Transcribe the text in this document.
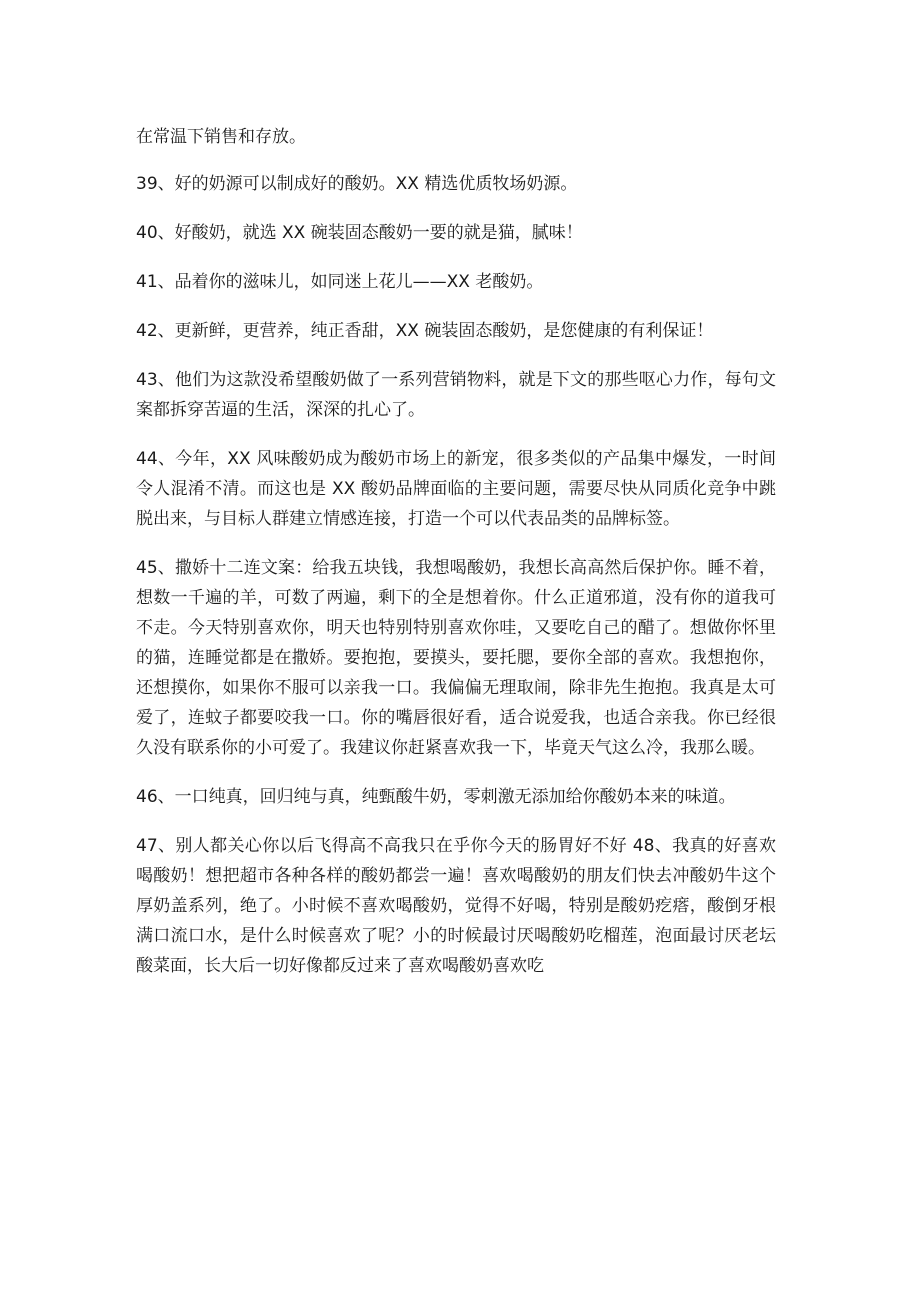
在常温下销售和存放。

39、好的奶源可以制成好的酸奶。XX 精选优质牧场奶源。

40、好酸奶，就选 XX 碗装固态酸奶一要的就是猫，腻味！

41、品着你的滋味儿，如同迷上花儿——XX 老酸奶。

42、更新鲜，更营养，纯正香甜，XX 碗装固态酸奶，是您健康的有利保证！

43、他们为这款没希望酸奶做了一系列营销物料，就是下文的那些呕心力作，每句文案都拆穿苦逼的生活，深深的扎心了。

44、今年，XX 风味酸奶成为酸奶市场上的新宠，很多类似的产品集中爆发，一时间令人混淆不清。而这也是 XX 酸奶品牌面临的主要问题，需要尽快从同质化竞争中跳脱出来，与目标人群建立情感连接，打造一个可以代表品类的品牌标签。

45、撒娇十二连文案：给我五块钱，我想喝酸奶，我想长高高然后保护你。睡不着，想数一千遍的羊，可数了两遍，剩下的全是想着你。什么正道邪道，没有你的道我可不走。今天特别喜欢你，明天也特别特别喜欢你哇，又要吃自己的醋了。想做你怀里的猫，连睡觉都是在撒娇。要抱抱，要摸头，要托腮，要你全部的喜欢。我想抱你，还想摸你，如果你不服可以亲我一口。我偏偏无理取闹，除非先生抱抱。我真是太可爱了，连蚊子都要咬我一口。你的嘴唇很好看，适合说爱我，也适合亲我。你已经很久没有联系你的小可爱了。我建议你赶紧喜欢我一下，毕竟天气这么冷，我那么暖。

46、一口纯真，回归纯与真，纯甄酸牛奶，零刺激无添加给你酸奶本来的味道。

47、别人都关心你以后飞得高不高我只在乎你今天的肠胃好不好 48、我真的好喜欢喝酸奶！想把超市各种各样的酸奶都尝一遍！喜欢喝酸奶的朋友们快去冲酸奶牛这个厚奶盖系列，绝了。小时候不喜欢喝酸奶，觉得不好喝，特别是酸奶疙瘩，酸倒牙根满口流口水，是什么时候喜欢了呢？小的时候最讨厌喝酸奶吃榴莲，泡面最讨厌老坛酸菜面，长大后一切好像都反过来了喜欢喝酸奶喜欢吃
